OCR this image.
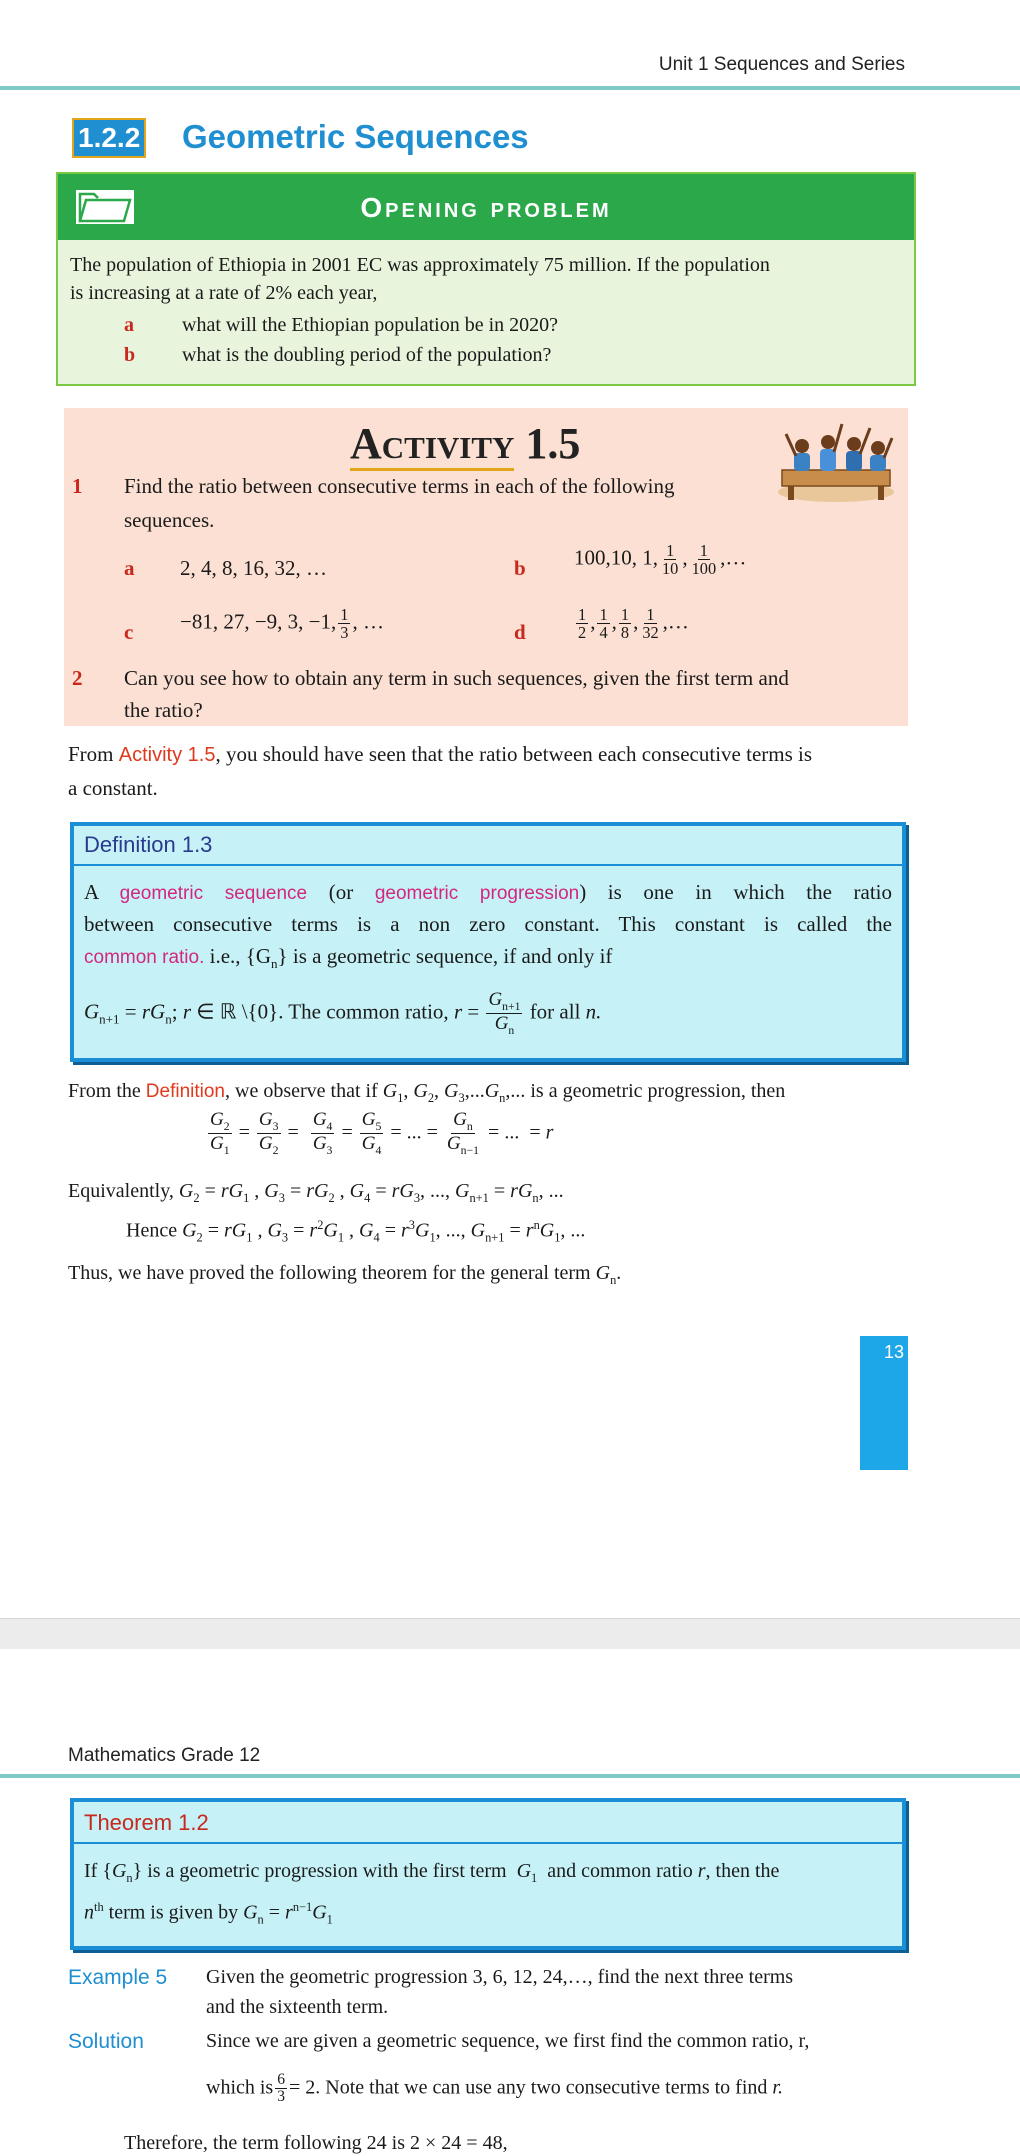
Unit 1 Sequences and Series
1.2.2 Geometric Sequences
Opening problem
The population of Ethiopia in 2001 EC was approximately 75 million. If the population
is increasing at a rate of 2% each year,
a what will the Ethiopian population be in 2020?
b what is the doubling period of the population?
Activity 1.5
1 Find the ratio between consecutive terms in each of the following
sequences.
a 2, 4, 8, 16, 32, …	b 100,10, 1, $\frac{1}{10}$ , $\frac{1}{100}$ ,…
c −81, 27, −9, 3, −1, $\frac{1}{3}$ , …	d	$\frac{1}{2}$ , $\frac{1}{4}$ , $\frac{1}{8}$ , $\frac{1}{32}$ ,…
2 Can you see how to obtain any term in such sequences, given the first term and
the ratio?
From Activity 1.5, you should have seen that the ratio between each consecutive terms is
a constant.
Definition 1.3
A geometric sequence (or geometric progression) is one in which the ratio
between consecutive terms is a non zero constant. This constant is called the
common ratio. i.e., $\{G_n\}$ is a geometric sequence, if and only if
$G_{n+1} = rG_n$; r ∈ ℝ \{0}. The common ratio, $r = \frac{G_{n+1}}{G_n}$ for all n.
From the Definition, we observe that if $G_1$, $G_2$, $G_3,...G_n$,... is a geometric progression, then
$\frac{G_2}{G_1} = \frac{G_3}{G_2} = \frac{G_4}{G_3} = \frac{G_5}{G_4}$ = ... = $\frac{G_n}{G_{n-1}}$ = ...  = r
Equivalently, $G_2 = rG_1$ , $G_3 = rG_2$ , $G_4 = rG_3$, ..., $G_{n+1} = rG_n$, ...
Hence $G_2 = rG_1$ , $G_3 = r^2G_1$ , $G_4 = r^3G_1$, ..., $G_{n+1} = r^nG_1$, ...
Thus, we have proved the following theorem for the general term $G_n$.
13
Mathematics Grade 12
Theorem 1.2
If $\{G_n\}$ is a geometric progression with the first term $G_1$ and common ratio r, then the
$n^{th}$ term is given by $G_n = r^{n-1}G_1$
Example 5 Given the geometric progression 3, 6, 12, 24,…, find the next three terms
and the sixteenth term.
Solution	Since we are given a geometric sequence, we first find the common ratio, r,
which is $\frac{6}{3} = 2$. Note that we can use any two consecutive terms to find r.
Therefore, the term following 24 is 2 × 24 = 48,
